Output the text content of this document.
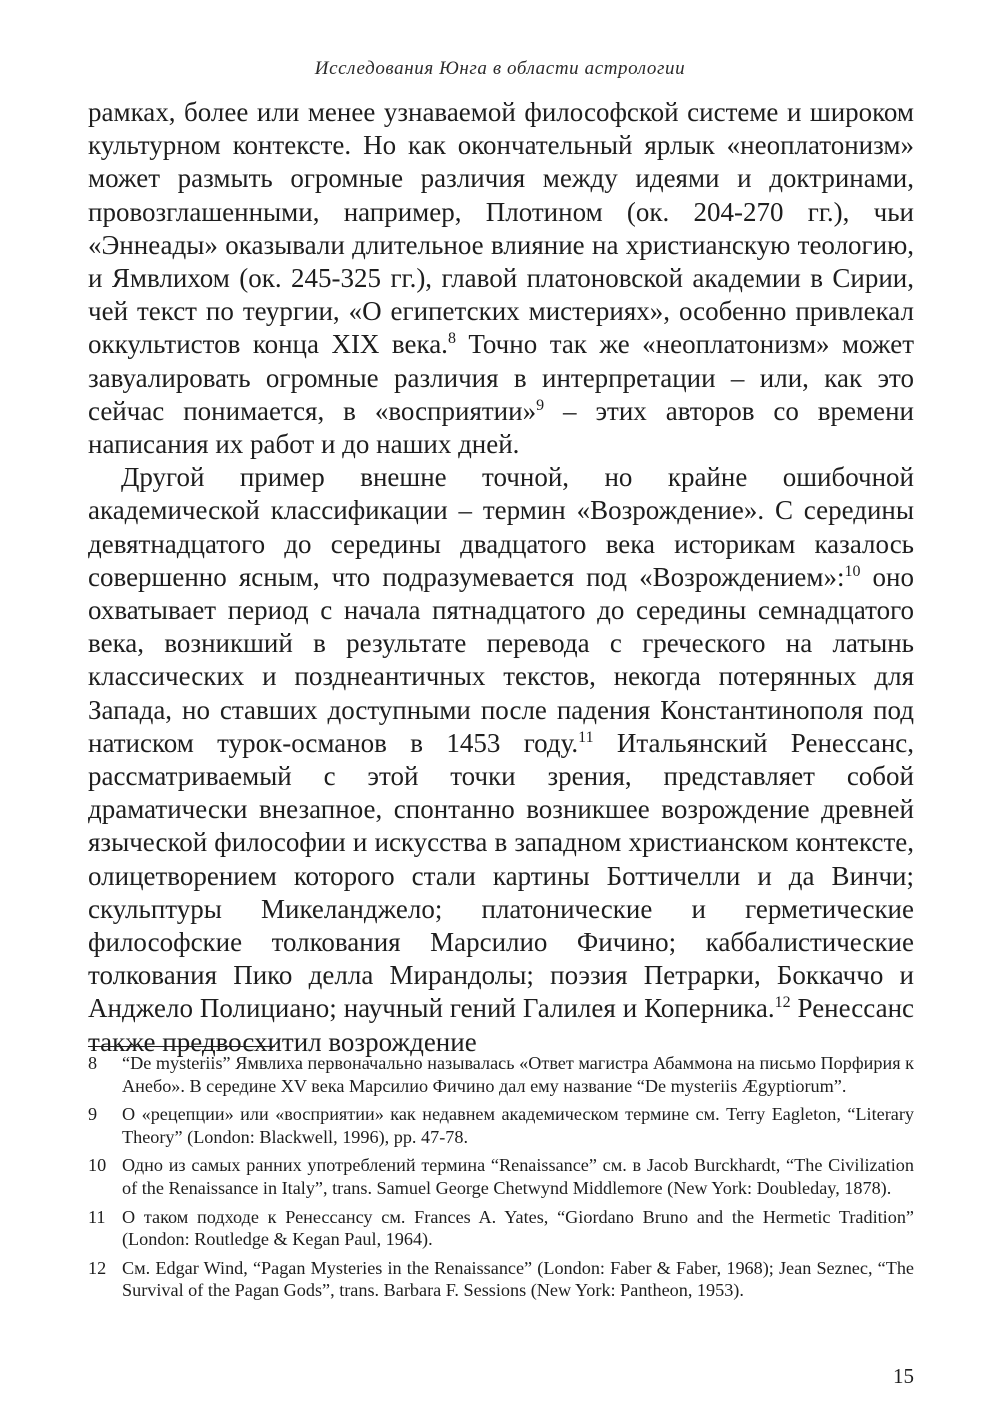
Исследования Юнга в области астрологии

рамках, более или менее узнаваемой философской системе и широком культурном контексте. Но как окончательный ярлык «неоплатонизм» может размыть огромные различия между идеями и доктринами, провозглашенными, например, Плотином (ок. 204-270 гг.), чьи «Эннеады» оказывали длительное влияние на христианскую теологию, и Ямвлихом (ок. 245-325 гг.), главой платоновской академии в Сирии, чей текст по теургии, «О египетских мистериях», особенно привлекал оккультистов конца XIX века.$^8$ Точно так же «неоплатонизм» может завуалировать огромные различия в интерпретации – или, как это сейчас понимается, в «восприятии»$^9$ – этих авторов со времени написания их работ и до наших дней.

Другой пример внешне точной, но крайне ошибочной академической классификации – термин «Возрождение». С середины девятнадцатого до середины двадцатого века историкам казалось совершенно ясным, что подразумевается под «Возрождением»:$^{10}$ оно охватывает период с начала пятнадцатого до середины семнадцатого века, возникший в результате перевода с греческого на латынь классических и позднеантичных текстов, некогда потерянных для Запада, но ставших доступными после падения Константинополя под натиском турок-османов в 1453 году.$^{11}$ Итальянский Ренессанс, рассматриваемый с этой точки зрения, представляет собой драматически внезапное, спонтанно возникшее возрождение древней языческой философии и искусства в западном христианском контексте, олицетворением которого стали картины Боттичелли и да Винчи; скульптуры Микеланджело; платонические и герметические философские толкования Марсилио Фичино; каббалистические толкования Пико делла Мирандолы; поэзия Петрарки, Боккаччо и Анджело Полициано; научный гений Галилея и Коперника.$^{12}$ Ренессанс также предвосхитил возрождение

8	“De mysteriis” Ямвлиха первоначально называлась «Ответ магистра Абаммона на письмо Порфирия к Анебо». В середине XV века Марсилио Фичино дал ему название “De mysteriis Ægyptiorum”.
9	О «рецепции» или «восприятии» как недавнем академическом термине см. Terry Eagleton, “Literary Theory” (London: Blackwell, 1996), pp. 47-78.
10 Одно из самых ранних употреблений термина “Renaissance” см. в Jacob Burckhardt, “The Civilization of the Renaissance in Italy”, trans. Samuel George Chetwynd Middlemore (New York: Doubleday, 1878).
11 О таком подходе к Ренессансу см. Frances A. Yates, “Giordano Bruno and the Hermetic Tradition” (London: Routledge & Kegan Paul, 1964).
12 См. Edgar Wind, “Pagan Mysteries in the Renaissance” (London: Faber & Faber, 1968); Jean Seznec, “The Survival of the Pagan Gods”, trans. Barbara F. Sessions (New York: Pantheon, 1953).
15
